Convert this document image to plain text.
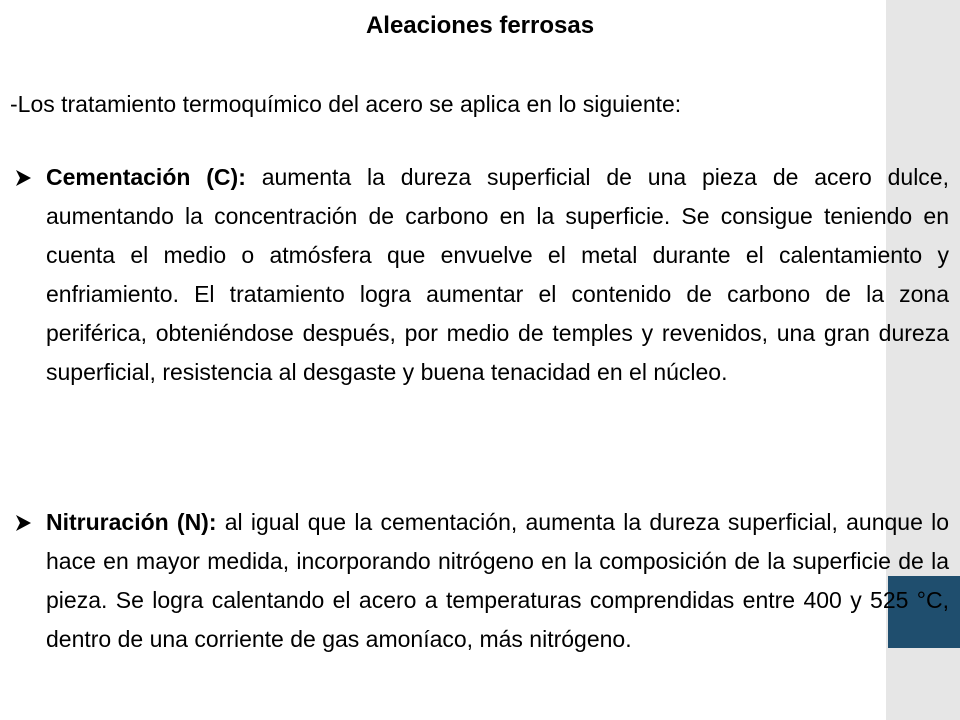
Aleaciones ferrosas
-Los tratamiento termoquímico del acero se aplica en lo siguiente:
Cementación (C): aumenta la dureza superficial de una pieza de acero dulce, aumentando la concentración de carbono en la superficie. Se consigue teniendo en cuenta el medio o atmósfera que envuelve el metal durante el calentamiento y enfriamiento. El tratamiento logra aumentar el contenido de carbono de la zona periférica, obteniéndose después, por medio de temples y revenidos, una gran dureza superficial, resistencia al desgaste y buena tenacidad en el núcleo.
Nitruración (N): al igual que la cementación, aumenta la dureza superficial, aunque lo hace en mayor medida, incorporando nitrógeno en la composición de la superficie de la pieza. Se logra calentando el acero a temperaturas comprendidas entre 400 y 525 °C, dentro de una corriente de gas amoníaco, más nitrógeno.
